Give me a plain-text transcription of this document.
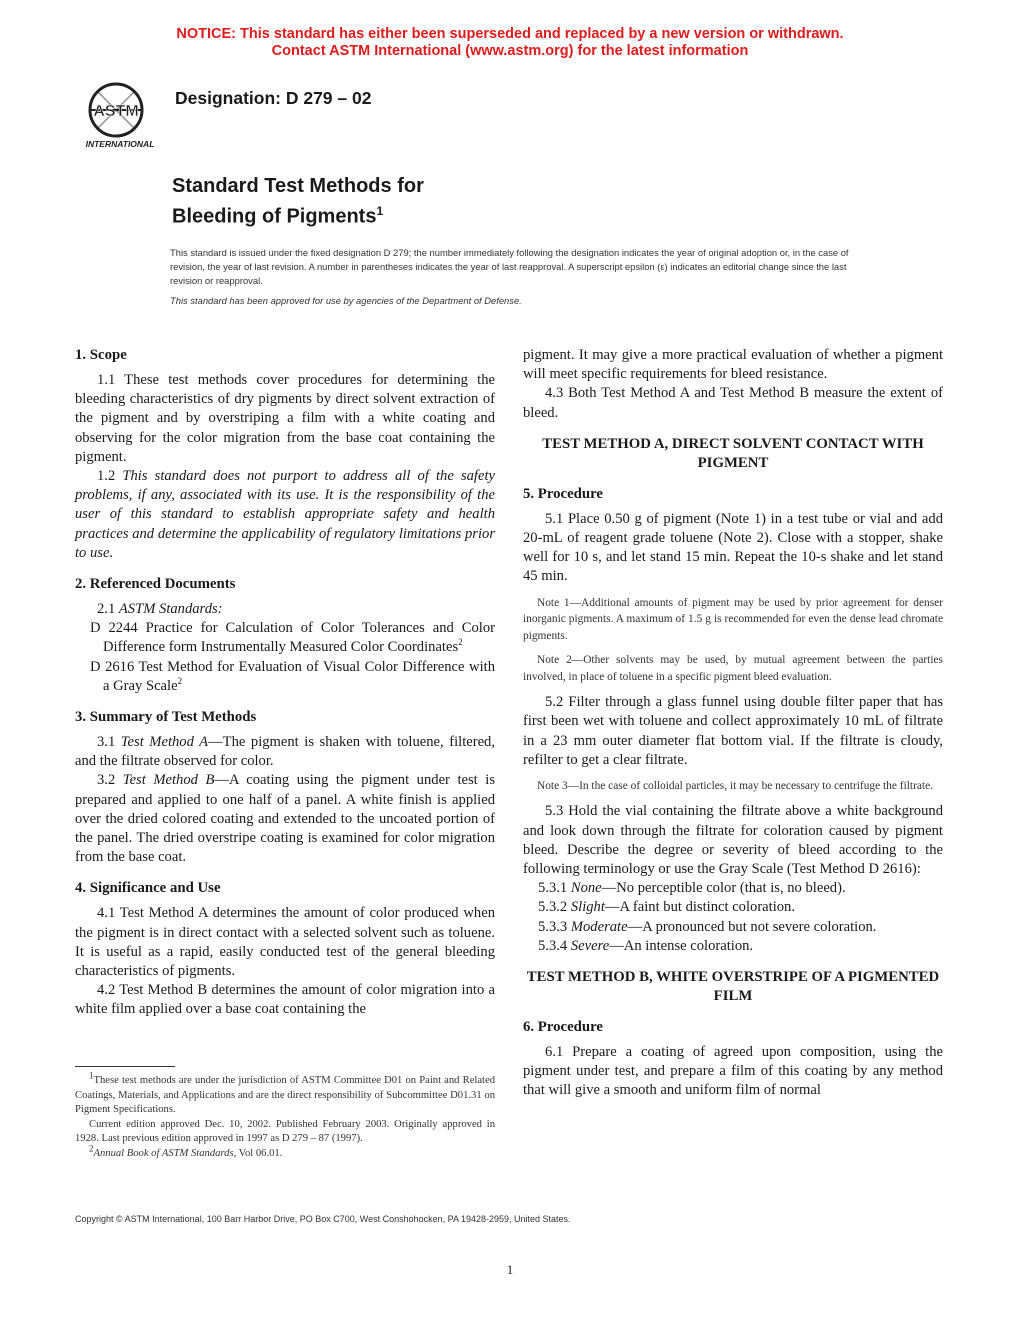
NOTICE: This standard has either been superseded and replaced by a new version or withdrawn.
Contact ASTM International (www.astm.org) for the latest information
INTERNATIONAL
ASTM
Designation: D 279 – 02
Standard Test Methods for
Bleeding of Pigments$^1$

This standard is issued under the fixed designation D 279; the number immediately following the designation indicates the year of original adoption or, in the case of revision, the year of last revision. A number in parentheses indicates the year of last reapproval. A superscript epsilon (ε) indicates an editorial change since the last revision or reapproval.

This standard has been approved for use by agencies of the Department of Defense.

1. Scope

1.1 These test methods cover procedures for determining the bleeding characteristics of dry pigments by direct solvent extraction of the pigment and by overstriping a film with a white coating and observing for the color migration from the base coat containing the pigment.

1.2 This standard does not purport to address all of the safety problems, if any, associated with its use. It is the responsibility of the user of this standard to establish appropriate safety and health practices and determine the applicability of regulatory limitations prior to use.

2. Referenced Documents

2.1 ASTM Standards:

D 2244 Practice for Calculation of Color Tolerances and Color Difference form Instrumentally Measured Color Coordinates$^2$

D 2616 Test Method for Evaluation of Visual Color Difference with a Gray Scale$^2$

3. Summary of Test Methods

3.1 Test Method A—The pigment is shaken with toluene, filtered, and the filtrate observed for color.

3.2 Test Method B—A coating using the pigment under test is prepared and applied to one half of a panel. A white finish is applied over the dried colored coating and extended to the uncoated portion of the panel. The dried overstripe coating is examined for color migration from the base coat.

4. Significance and Use

4.1 Test Method A determines the amount of color produced when the pigment is in direct contact with a selected solvent such as toluene. It is useful as a rapid, easily conducted test of the general bleeding characteristics of pigments.

4.2 Test Method B determines the amount of color migration into a white film applied over a base coat containing the

$^1$These test methods are under the jurisdiction of ASTM Committee D01 on Paint and Related Coatings, Materials, and Applications and are the direct responsibility of Subcommittee D01.31 on Pigment Specifications.

Current edition approved Dec. 10, 2002. Published February 2003. Originally approved in 1928. Last previous edition approved in 1997 as D 279 – 87 (1997).

$^2$Annual Book of ASTM Standards, Vol 06.01.

pigment. It may give a more practical evaluation of whether a pigment will meet specific requirements for bleed resistance.

4.3 Both Test Method A and Test Method B measure the extent of bleed.

TEST METHOD A, DIRECT SOLVENT CONTACT WITH PIGMENT
5. Procedure

5.1 Place 0.50 g of pigment (Note 1) in a test tube or vial and add 20-mL of reagent grade toluene (Note 2). Close with a stopper, shake well for 10 s, and let stand 15 min. Repeat the 10-s shake and let stand 45 min.

Note 1—Additional amounts of pigment may be used by prior agreement for denser inorganic pigments. A maximum of 1.5 g is recommended for even the dense lead chromate pigments.

Note 2—Other solvents may be used, by mutual agreement between the parties involved, in place of toluene in a specific pigment bleed evaluation.

5.2 Filter through a glass funnel using double filter paper that has first been wet with toluene and collect approximately 10 mL of filtrate in a 23 mm outer diameter flat bottom vial. If the filtrate is cloudy, refilter to get a clear filtrate.

Note 3—In the case of colloidal particles, it may be necessary to centrifuge the filtrate.

5.3 Hold the vial containing the filtrate above a white background and look down through the filtrate for coloration caused by pigment bleed. Describe the degree or severity of bleed according to the following terminology or use the Gray Scale (Test Method D 2616):

5.3.1 None—No perceptible color (that is, no bleed).

5.3.2 Slight—A faint but distinct coloration.

5.3.3 Moderate—A pronounced but not severe coloration.

5.3.4 Severe—An intense coloration.

TEST METHOD B, WHITE OVERSTRIPE OF A PIGMENTED FILM
6. Procedure

6.1 Prepare a coating of agreed upon composition, using the pigment under test, and prepare a film of this coating by any method that will give a smooth and uniform film of normal

Copyright © ASTM International, 100 Barr Harbor Drive, PO Box C700, West Conshohocken, PA 19428-2959, United States.
1
